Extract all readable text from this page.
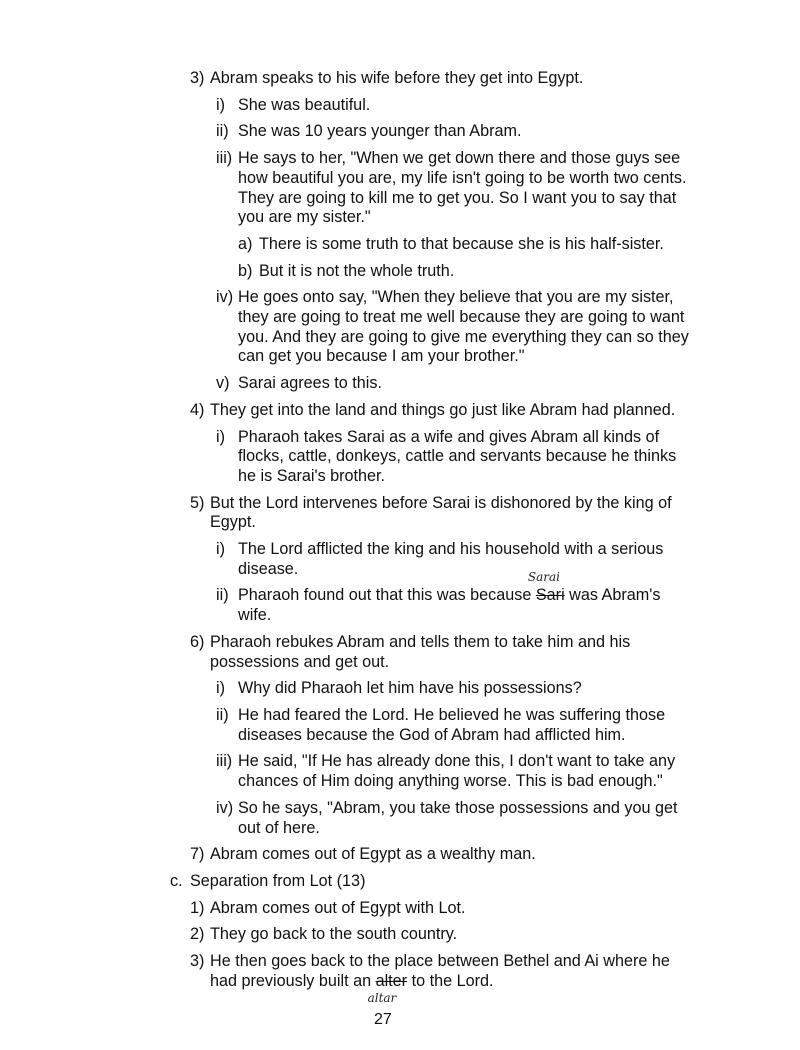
3) Abram speaks to his wife before they get into Egypt.
i) She was beautiful.
ii) She was 10 years younger than Abram.
iii) He says to her, "When we get down there and those guys see
how beautiful you are, my life isn't going to be worth two cents.
They are going to kill me to get you. So I want you to say that
you are my sister."
a) There is some truth to that because she is his half-sister.
b) But it is not the whole truth.
iv) He goes onto say, "When they believe that you are my sister,
they are going to treat me well because they are going to want
you. And they are going to give me everything they can so they
can get you because I am your brother."
v) Sarai agrees to this.
4) They get into the land and things go just like Abram had planned.
i) Pharaoh takes Sarai as a wife and gives Abram all kinds of
flocks, cattle, donkeys, cattle and servants because he thinks
he is Sarai's brother.
5) But the Lord intervenes before Sarai is dishonored by the king of
Egypt.
i) The Lord afflicted the king and his household with a serious
disease.
ii) Pharaoh found out that this was because Sari
Sarai
was Abram's
wife.
6) Pharaoh rebukes Abram and tells them to take him and his
possessions and get out.
i) Why did Pharaoh let him have his possessions?
ii) He had feared the Lord. He believed he was suffering those
diseases because the God of Abram had afflicted him.
iii) He said, "If He has already done this, I don't want to take any
chances of Him doing anything worse. This is bad enough."
iv) So he says, "Abram, you take those possessions and you get
out of here.
7) Abram comes out of Egypt as a wealthy man.
c. Separation from Lot (13)
1) Abram comes out of Egypt with Lot.
2) They go back to the south country.
3) He then goes back to the place between Bethel and Ai where he
had previously built an alter
altar
to the Lord.
27
